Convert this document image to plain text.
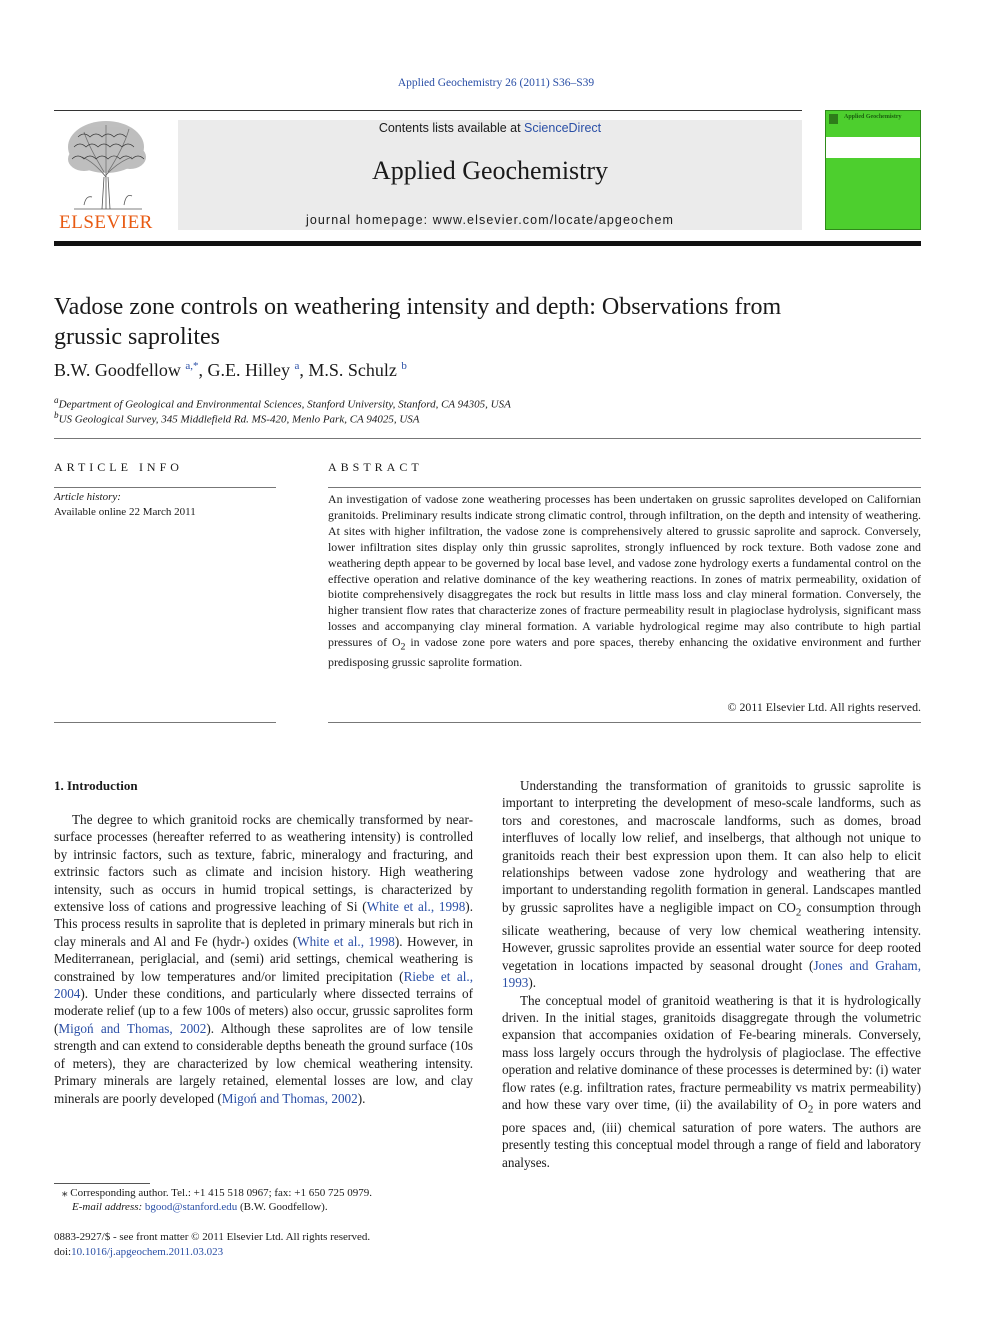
Applied Geochemistry 26 (2011) S36–S39
ELSEVIER
Contents lists available at ScienceDirect
Applied Geochemistry
journal homepage: www.elsevier.com/locate/apgeochem
Applied Geochemistry
Vadose zone controls on weathering intensity and depth: Observations from grussic saprolites
B.W. Goodfellow $^{a,*}$, G.E. Hilley $^a$, M.S. Schulz $^b$
$^a$Department of Geological and Environmental Sciences, Stanford University, Stanford, CA 94305, USA
$^b$US Geological Survey, 345 Middlefield Rd. MS-420, Menlo Park, CA 94025, USA
ARTICLE INFO
Article history:
Available online 22 March 2011
ABSTRACT
An investigation of vadose zone weathering processes has been undertaken on grussic saprolites developed on Californian granitoids. Preliminary results indicate strong climatic control, through infiltration, on the depth and intensity of weathering. At sites with higher infiltration, the vadose zone is comprehensively altered to grussic saprolite and saprock. Conversely, lower infiltration sites display only thin grussic saprolites, strongly influenced by rock texture. Both vadose zone and weathering depth appear to be governed by local base level, and vadose zone hydrology exerts a fundamental control on the effective operation and relative dominance of the key weathering reactions. In zones of matrix permeability, oxidation of biotite comprehensively disaggregates the rock but results in little mass loss and clay mineral formation. Conversely, the higher transient flow rates that characterize zones of fracture permeability result in plagioclase hydrolysis, significant mass losses and accompanying clay mineral formation. A variable hydrological regime may also contribute to high partial pressures of $O_2$ in vadose zone pore waters and pore spaces, thereby enhancing the oxidative environment and further predisposing grussic saprolite formation.
© 2011 Elsevier Ltd. All rights reserved.
1. Introduction

The degree to which granitoid rocks are chemically transformed by near-surface processes (hereafter referred to as weathering intensity) is controlled by intrinsic factors, such as texture, fabric, mineralogy and fracturing, and extrinsic factors such as climate and incision history. High weathering intensity, such as occurs in humid tropical settings, is characterized by extensive loss of cations and progressive leaching of Si (White et al., 1998). This process results in saprolite that is depleted in primary minerals but rich in clay minerals and Al and Fe (hydr-) oxides (White et al., 1998). However, in Mediterranean, periglacial, and (semi) arid settings, chemical weathering is constrained by low temperatures and/or limited precipitation (Riebe et al., 2004). Under these conditions, and particularly where dissected terrains of moderate relief (up to a few 100s of meters) also occur, grussic saprolites form (Migoń and Thomas, 2002). Although these saprolites are of low tensile strength and can extend to considerable depths beneath the ground surface (10s of meters), they are characterized by low chemical weathering intensity. Primary minerals are largely retained, elemental losses are low, and clay minerals are poorly developed (Migoń and Thomas, 2002).

Understanding the transformation of granitoids to grussic saprolite is important to interpreting the development of meso-scale landforms, such as tors and corestones, and macroscale landforms, such as domes, broad interfluves of locally low relief, and inselbergs, that although not unique to granitoids reach their best expression upon them. It can also help to elicit relationships between vadose zone hydrology and weathering that are important to understanding regolith formation in general. Landscapes mantled by grussic saprolites have a negligible impact on $CO_2$ consumption through silicate weathering, because of very low chemical weathering intensity. However, grussic saprolites provide an essential water source for deep rooted vegetation in locations impacted by seasonal drought (Jones and Graham, 1993).

The conceptual model of granitoid weathering is that it is hydrologically driven. In the initial stages, granitoids disaggregate through the volumetric expansion that accompanies oxidation of Fe-bearing minerals. Conversely, mass loss largely occurs through the hydrolysis of plagioclase. The effective operation and relative dominance of these processes is determined by: (i) water flow rates (e.g. infiltration rates, fracture permeability vs matrix permeability) and how these vary over time, (ii) the availability of $O_2$ in pore waters and pore spaces and, (iii) chemical saturation of pore waters. The authors are presently testing this conceptual model through a range of field and laboratory analyses.

⁎ Corresponding author. Tel.: +1 415 518 0967; fax: +1 650 725 0979.
E-mail address: bgood@stanford.edu (B.W. Goodfellow).
0883-2927/$ - see front matter © 2011 Elsevier Ltd. All rights reserved.
doi:10.1016/j.apgeochem.2011.03.023
